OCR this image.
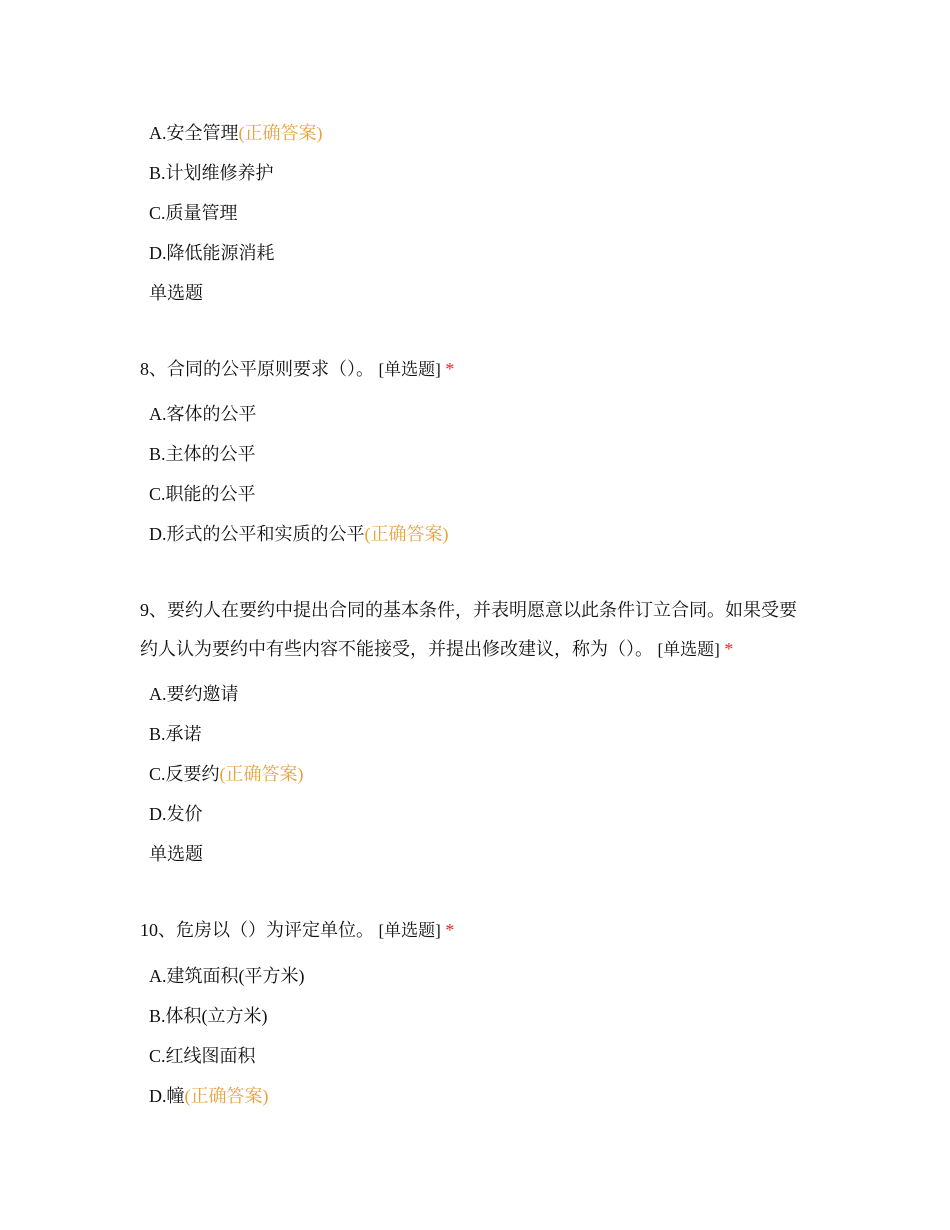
A.安全管理(正确答案)
B.计划维修养护
C.质量管理
D.降低能源消耗
单选题
8、合同的公平原则要求（）。 [单选题] *
A.客体的公平
B.主体的公平
C.职能的公平
D.形式的公平和实质的公平(正确答案)
9、要约人在要约中提出合同的基本条件，并表明愿意以此条件订立合同。如果受要约人认为要约中有些内容不能接受，并提出修改建议，称为（）。 [单选题] *
A.要约邀请
B.承诺
C.反要约(正确答案)
D.发价
单选题
10、危房以（）为评定单位。 [单选题] *
A.建筑面积(平方米)
B.体积(立方米)
C.红线图面积
D.幢(正确答案)
